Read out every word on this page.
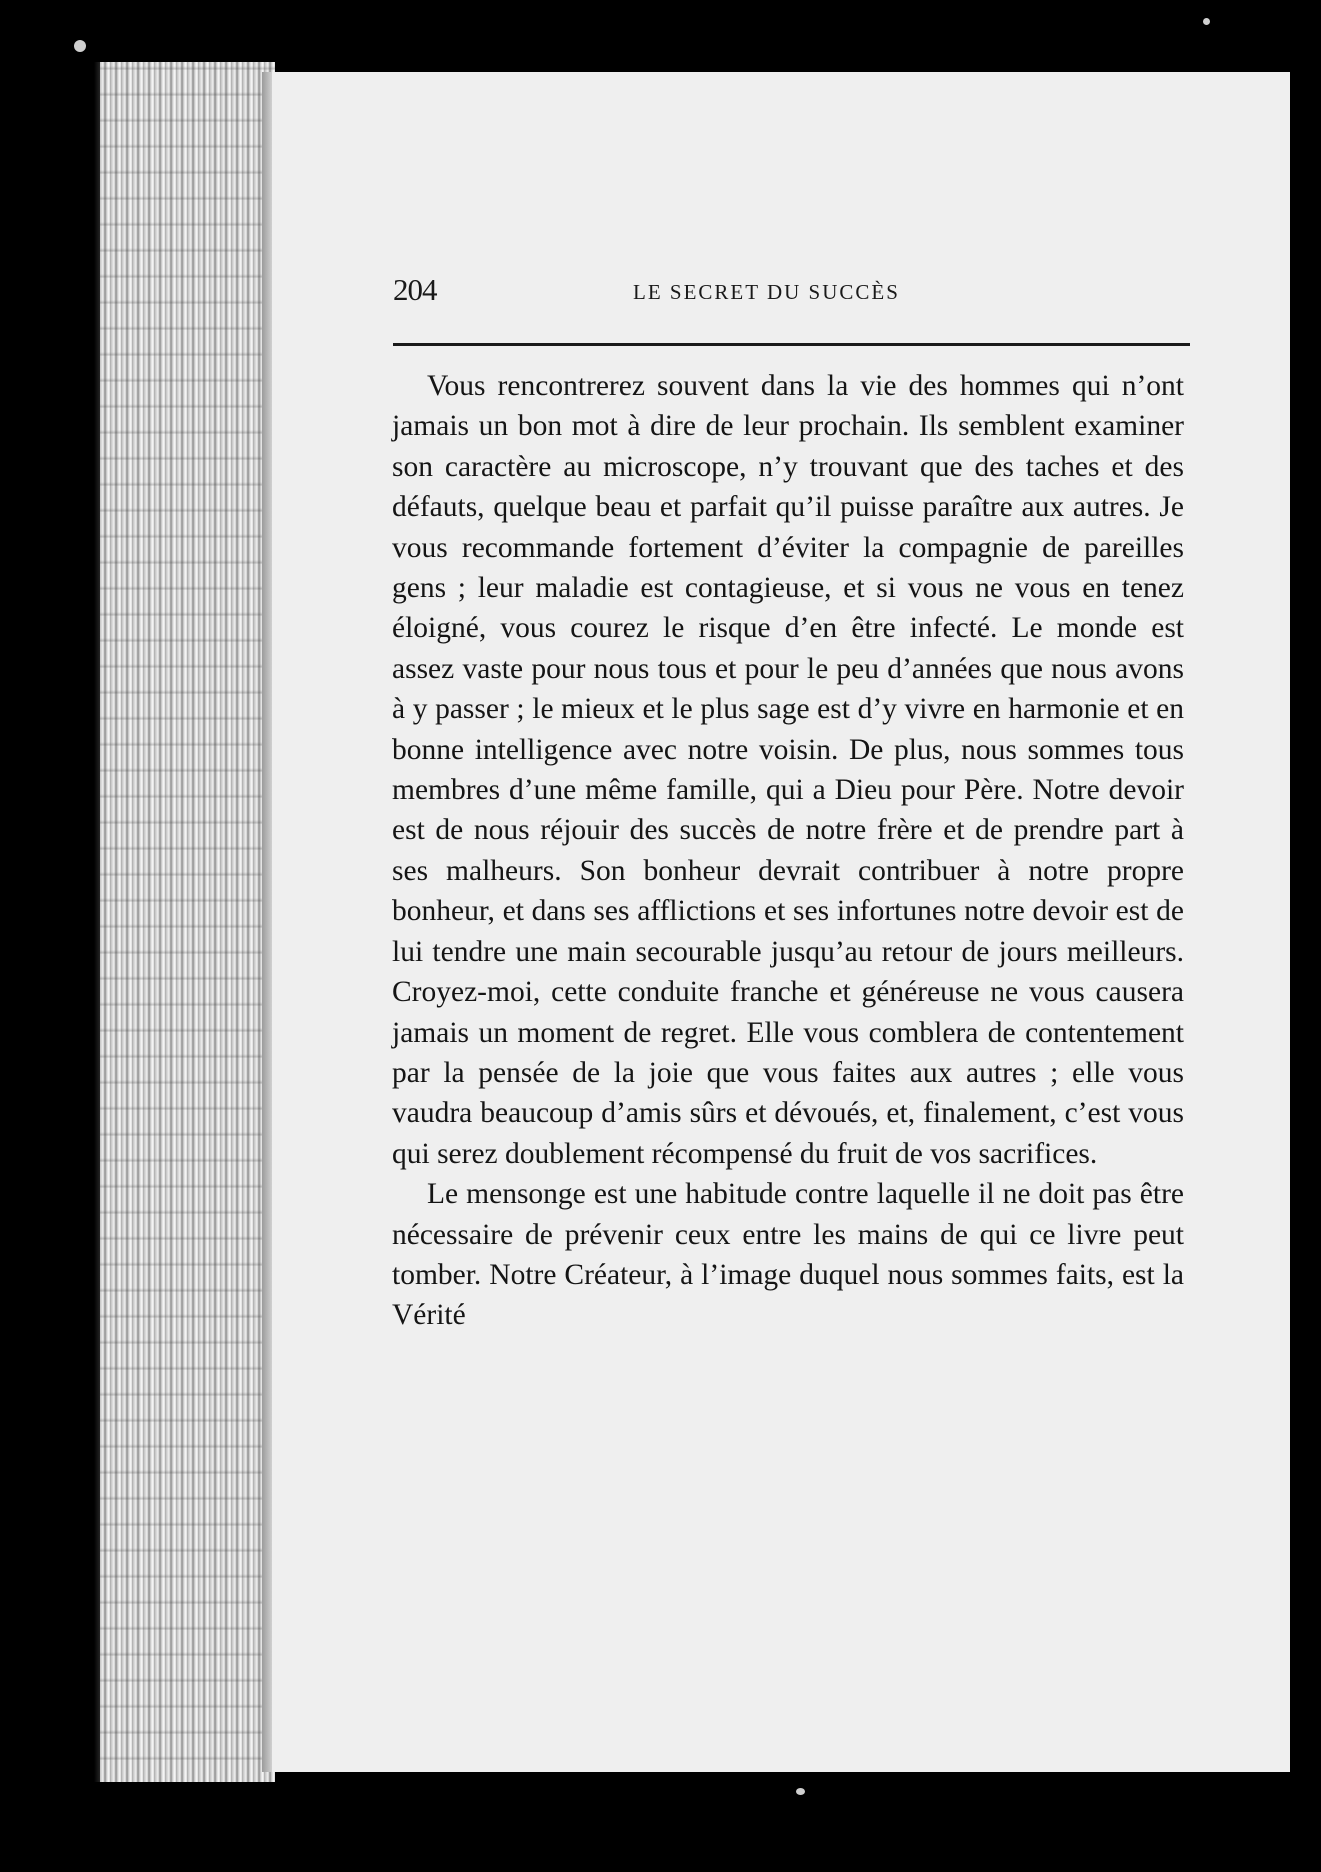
204	LE SECRET DU SUCCÈS

Vous rencontrerez souvent dans la vie des hommes qui n’ont jamais un bon mot à dire de leur prochain. Ils semblent examiner son caractère au microscope, n’y trouvant que des taches et des défauts, quelque beau et parfait qu’il puisse paraître aux autres. Je vous recommande fortement d’éviter la compagnie de pareilles gens ; leur maladie est contagieuse, et si vous ne vous en tenez éloigné, vous courez le risque d’en être infecté. Le monde est assez vaste pour nous tous et pour le peu d’années que nous avons à y passer ; le mieux et le plus sage est d’y vivre en harmonie et en bonne intelligence avec notre voisin. De plus, nous sommes tous membres d’une même famille, qui a Dieu pour Père. Notre devoir est de nous réjouir des succès de notre frère et de prendre part à ses malheurs. Son bonheur devrait contribuer à notre propre bonheur, et dans ses afflictions et ses infortunes notre devoir est de lui tendre une main secourable jusqu’au retour de jours meilleurs. Croyez-moi, cette conduite franche et généreuse ne vous causera jamais un moment de regret. Elle vous comblera de contentement par la pensée de la joie que vous faites aux autres ; elle vous vaudra beaucoup d’amis sûrs et dévoués, et, finalement, c’est vous qui serez doublement récompensé du fruit de vos sacrifices.

Le mensonge est une habitude contre laquelle il ne doit pas être nécessaire de prévenir ceux entre les mains de qui ce livre peut tomber. Notre Créateur, à l’image duquel nous sommes faits, est la Vérité
